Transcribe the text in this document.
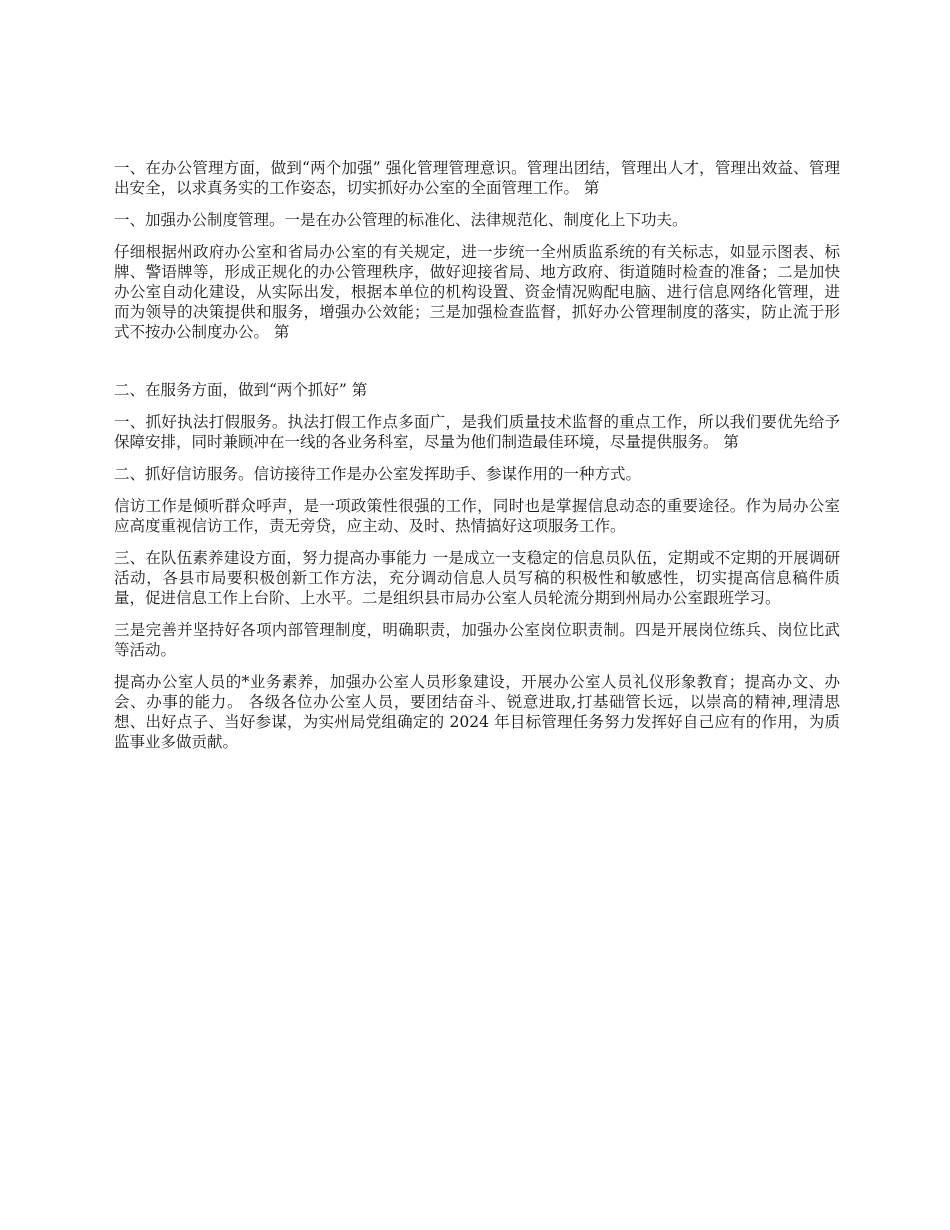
一、在办公管理方面，做到“两个加强” 强化管理管理意识。管理出团结，管理出人才，管理出效益、管理出安全，以求真务实的工作姿态，切实抓好办公室的全面管理工作。 第

一、加强办公制度管理。一是在办公管理的标准化、法律规范化、制度化上下功夫。

仔细根据州政府办公室和省局办公室的有关规定，进一步统一全州质监系统的有关标志，如显示图表、标牌、警语牌等，形成正规化的办公管理秩序，做好迎接省局、地方政府、街道随时检查的准备；二是加快办公室自动化建设，从实际出发，根据本单位的机构设置、资金情况购配电脑、进行信息网络化管理，进而为领导的决策提供和服务，增强办公效能；三是加强检查监督，抓好办公管理制度的落实，防止流于形式不按办公制度办公。 第

二、在服务方面，做到“两个抓好” 第

一、抓好执法打假服务。执法打假工作点多面广，是我们质量技术监督的重点工作，所以我们要优先给予保障安排，同时兼顾冲在一线的各业务科室，尽量为他们制造最佳环境，尽量提供服务。 第

二、抓好信访服务。信访接待工作是办公室发挥助手、参谋作用的一种方式。

信访工作是倾听群众呼声，是一项政策性很强的工作，同时也是掌握信息动态的重要途径。作为局办公室应高度重视信访工作，责无旁贷，应主动、及时、热情搞好这项服务工作。

三、在队伍素养建设方面，努力提高办事能力 一是成立一支稳定的信息员队伍，定期或不定期的开展调研活动，各县市局要积极创新工作方法，充分调动信息人员写稿的积极性和敏感性，切实提高信息稿件质量，促进信息工作上台阶、上水平。二是组织县市局办公室人员轮流分期到州局办公室跟班学习。

三是完善并坚持好各项内部管理制度，明确职责，加强办公室岗位职责制。四是开展岗位练兵、岗位比武等活动。

提高办公室人员的*业务素养，加强办公室人员形象建设，开展办公室人员礼仪形象教育；提高办文、办会、办事的能力。 各级各位办公室人员，要团结奋斗、锐意进取,打基础管长远，以崇高的精神,理清思想、出好点子、当好参谋，为实州局党组确定的 2024 年目标管理任务努力发挥好自己应有的作用，为质监事业多做贡献。
